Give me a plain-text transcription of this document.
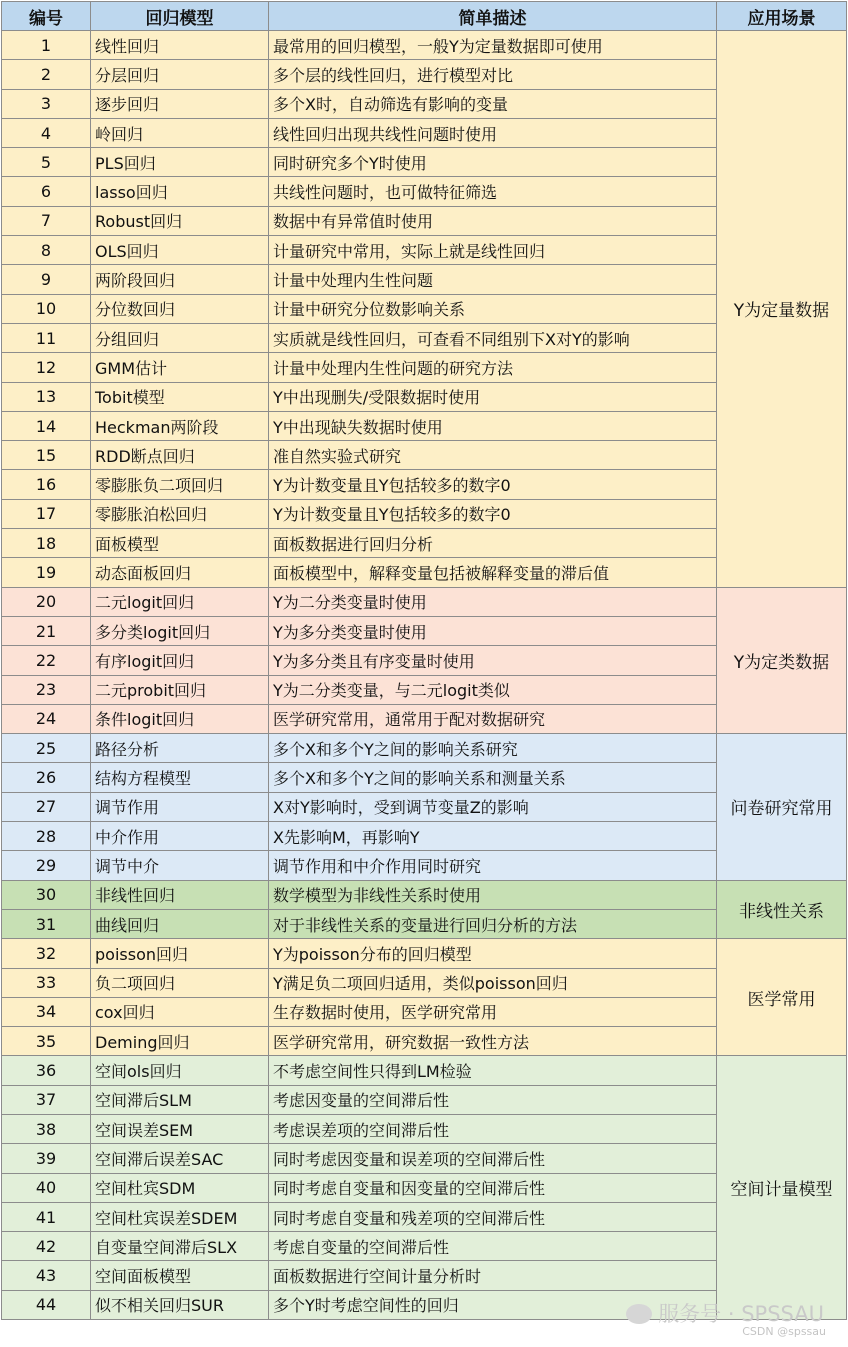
编号	回归模型	简单描述	应用场景
1	线性回归	最常用的回归模型，一般Y为定量数据即可使用	Y为定量数据
2	分层回归	多个层的线性回归，进行模型对比	
3	逐步回归	多个X时，自动筛选有影响的变量	
4	岭回归	线性回归出现共线性问题时使用	
5	PLS回归	同时研究多个Y时使用	
6	lasso回归	共线性问题时，也可做特征筛选	
7	Robust回归	数据中有异常值时使用	
8	OLS回归	计量研究中常用，实际上就是线性回归	
9	两阶段回归	计量中处理内生性问题	
10	分位数回归	计量中研究分位数影响关系	
11	分组回归	实质就是线性回归，可查看不同组别下X对Y的影响	
12	GMM估计	计量中处理内生性问题的研究方法	
13	Tobit模型	Y中出现删失/受限数据时使用	
14	Heckman两阶段	Y中出现缺失数据时使用	
15	RDD断点回归	准自然实验式研究	
16	零膨胀负二项回归	Y为计数变量且Y包括较多的数字0	
17	零膨胀泊松回归	Y为计数变量且Y包括较多的数字0	
18	面板模型	面板数据进行回归分析	
19	动态面板回归	面板模型中，解释变量包括被解释变量的滞后值	
20	二元logit回归	Y为二分类变量时使用	Y为定类数据
21	多分类logit回归	Y为多分类变量时使用	
22	有序logit回归	Y为多分类且有序变量时使用	
23	二元probit回归	Y为二分类变量，与二元logit类似	
24	条件logit回归	医学研究常用，通常用于配对数据研究	
25	路径分析	多个X和多个Y之间的影响关系研究	问卷研究常用
26	结构方程模型	多个X和多个Y之间的影响关系和测量关系	
27	调节作用	X对Y影响时，受到调节变量Z的影响	
28	中介作用	X先影响M，再影响Y	
29	调节中介	调节作用和中介作用同时研究	
30	非线性回归	数学模型为非线性关系时使用	非线性关系
31	曲线回归	对于非线性关系的变量进行回归分析的方法	
32	poisson回归	Y为poisson分布的回归模型	医学常用
33	负二项回归	Y满足负二项回归适用，类似poisson回归	
34	cox回归	生存数据时使用，医学研究常用	
35	Deming回归	医学研究常用，研究数据一致性方法	
36	空间ols回归	不考虑空间性只得到LM检验	空间计量模型
37	空间滞后SLM	考虑因变量的空间滞后性	
38	空间误差SEM	考虑误差项的空间滞后性	
39	空间滞后误差SAC	同时考虑因变量和误差项的空间滞后性	
40	空间杜宾SDM	同时考虑自变量和因变量的空间滞后性	
41	空间杜宾误差SDEM	同时考虑自变量和残差项的空间滞后性	
42	自变量空间滞后SLX	考虑自变量的空间滞后性	
43	空间面板模型	面板数据进行空间计量分析时	
44	似不相关回归SUR	多个Y时考虑空间性的回归		服务号 · SPSSAU
CSDN @spssau
